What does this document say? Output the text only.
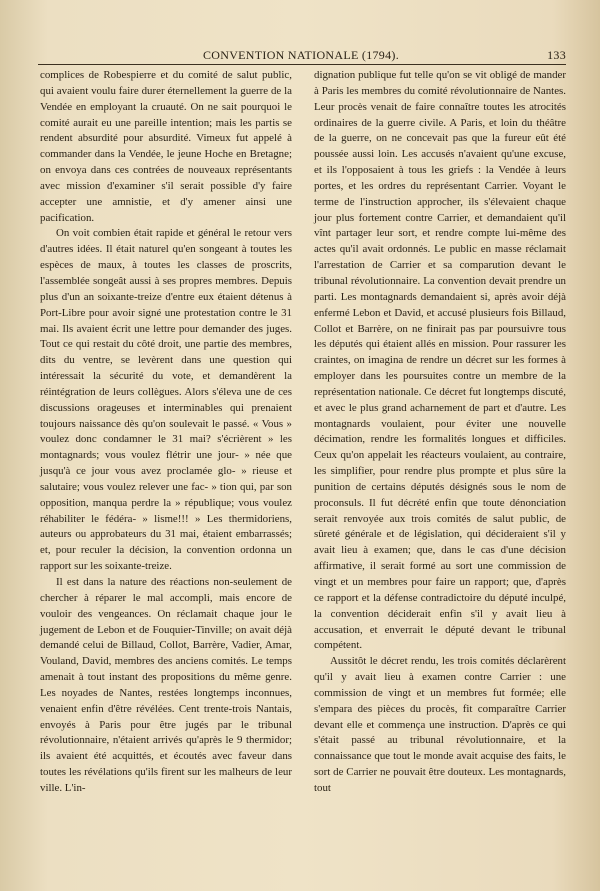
CONVENTION NATIONALE (1794).	133

complices de Robespierre et du comité de salut public, qui avaient voulu faire durer éternellement la guerre de la Vendée en employant la cruauté. On ne sait pourquoi le comité aurait eu une pareille intention; mais les partis se rendent absurdité pour absurdité. Vimeux fut appelé à commander dans la Vendée, le jeune Hoche en Bretagne; on envoya dans ces contrées de nouveaux représentants avec mission d'examiner s'il serait possible d'y faire accepter une amnistie, et d'y amener ainsi une pacification.

On voit combien était rapide et général le retour vers d'autres idées. Il était naturel qu'en songeant à toutes les espèces de maux, à toutes les classes de proscrits, l'assemblée songeât aussi à ses propres membres. Depuis plus d'un an soixante-treize d'entre eux étaient détenus à Port-Libre pour avoir signé une protestation contre le 31 mai. Ils avaient écrit une lettre pour demander des juges. Tout ce qui restait du côté droit, une partie des membres, dits du ventre, se levèrent dans une question qui intéressait la sécurité du vote, et demandèrent la réintégration de leurs collègues. Alors s'éleva une de ces discussions orageuses et interminables qui prenaient toujours naissance dès qu'on soulevait le passé. « Vous » voulez donc condamner le 31 mai? s'écrièrent » les montagnards; vous voulez flétrir une jour- » née que jusqu'à ce jour vous avez proclamée glo- » rieuse et salutaire; vous voulez relever une fac- » tion qui, par son opposition, manqua perdre la » république; vous voulez réhabiliter le fédéra- » lisme!!! » Les thermidoriens, auteurs ou approbateurs du 31 mai, étaient embarrassés; et, pour reculer la décision, la convention ordonna un rapport sur les soixante-treize.

Il est dans la nature des réactions non-seulement de chercher à réparer le mal accompli, mais encore de vouloir des vengeances. On réclamait chaque jour le jugement de Lebon et de Fouquier-Tinville; on avait déjà demandé celui de Billaud, Collot, Barrère, Vadier, Amar, Vouland, David, membres des anciens comités. Le temps amenait à tout instant des propositions du même genre. Les noyades de Nantes, restées longtemps inconnues, venaient enfin d'être révélées. Cent trente-trois Nantais, envoyés à Paris pour être jugés par le tribunal révolutionnaire, n'étaient arrivés qu'après le 9 thermidor; ils avaient été acquittés, et écoutés avec faveur dans toutes les révélations qu'ils firent sur les malheurs de leur ville. L'in-

dignation publique fut telle qu'on se vit obligé de mander à Paris les membres du comité révolutionnaire de Nantes. Leur procès venait de faire connaître toutes les atrocités ordinaires de la guerre civile. A Paris, et loin du théâtre de la guerre, on ne concevait pas que la fureur eût été poussée aussi loin. Les accusés n'avaient qu'une excuse, et ils l'opposaient à tous les griefs : la Vendée à leurs portes, et les ordres du représentant Carrier. Voyant le terme de l'instruction approcher, ils s'élevaient chaque jour plus fortement contre Carrier, et demandaient qu'il vînt partager leur sort, et rendre compte lui-même des actes qu'il avait ordonnés. Le public en masse réclamait l'arrestation de Carrier et sa comparution devant le tribunal révolutionnaire. La convention devait prendre un parti. Les montagnards demandaient si, après avoir déjà enfermé Lebon et David, et accusé plusieurs fois Billaud, Collot et Barrère, on ne finirait pas par poursuivre tous les députés qui étaient allés en mission. Pour rassurer les craintes, on imagina de rendre un décret sur les formes à employer dans les poursuites contre un membre de la représentation nationale. Ce décret fut longtemps discuté, et avec le plus grand acharnement de part et d'autre. Les montagnards voulaient, pour éviter une nouvelle décimation, rendre les formalités longues et difficiles. Ceux qu'on appelait les réacteurs voulaient, au contraire, les simplifier, pour rendre plus prompte et plus sûre la punition de certains députés désignés sous le nom de proconsuls. Il fut décrété enfin que toute dénonciation serait renvoyée aux trois comités de salut public, de sûreté générale et de législation, qui décideraient s'il y avait lieu à examen; que, dans le cas d'une décision affirmative, il serait formé au sort une commission de vingt et un membres pour faire un rapport; que, d'après ce rapport et la défense contradictoire du député inculpé, la convention déciderait enfin s'il y avait lieu à accusation, et enverrait le député devant le tribunal compétent.

Aussitôt le décret rendu, les trois comités déclarèrent qu'il y avait lieu à examen contre Carrier : une commission de vingt et un membres fut formée; elle s'empara des pièces du procès, fit comparaître Carrier devant elle et commença une instruction. D'après ce qui s'était passé au tribunal révolutionnaire, et la connaissance que tout le monde avait acquise des faits, le sort de Carrier ne pouvait être douteux. Les montagnards, tout
